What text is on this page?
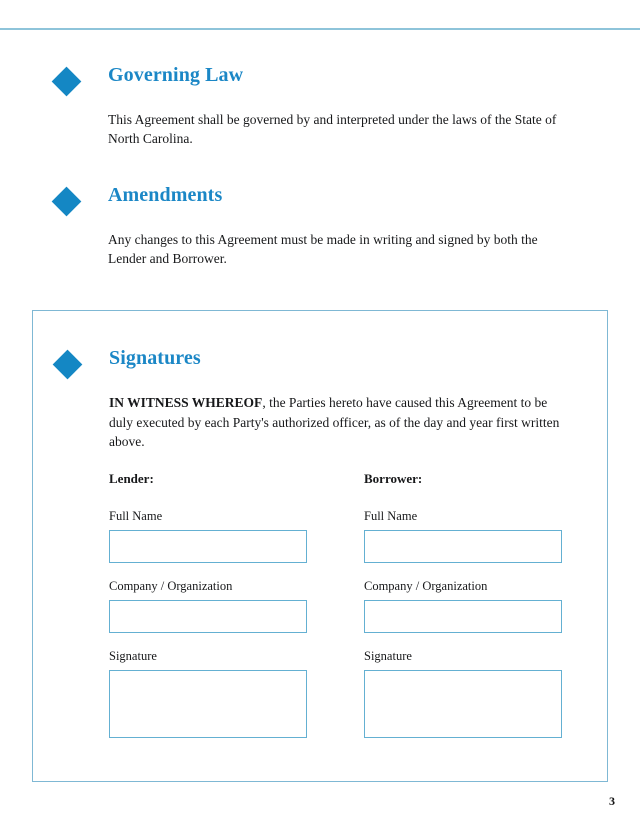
Governing Law
This Agreement shall be governed by and interpreted under the laws of the State of North Carolina.
Amendments
Any changes to this Agreement must be made in writing and signed by both the Lender and Borrower.
Signatures
IN WITNESS WHEREOF, the Parties hereto have caused this Agreement to be duly executed by each Party's authorized officer, as of the day and year first written above.
Lender:
Full Name
Company / Organization
Signature
Borrower:
Full Name
Company / Organization
Signature
3
